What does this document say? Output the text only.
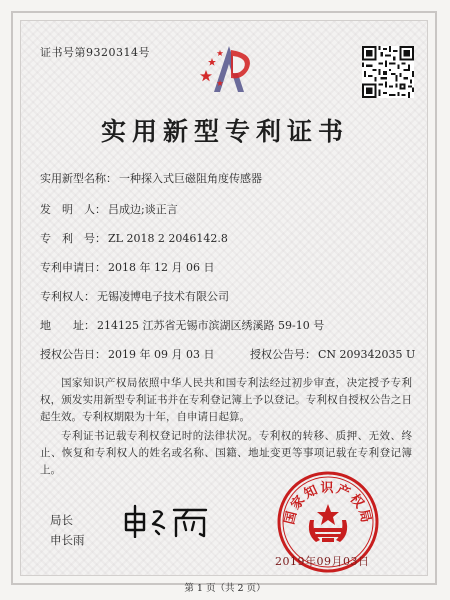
证书号第9320314号
实用新型专利证书
实用新型名称： 一种探入式巨磁阻角度传感器
发　明　人： 吕成边;谈正言
专　利　号： ZL 2018 2 2046142.8
专利申请日： 2018 年 12 月 06 日
专利权人： 无锡凌博电子技术有限公司
地　　址： 214125 江苏省无锡市滨湖区绣溪路 59-10 号
授权公告日： 2019 年 09 月 03 日	授权公告号： CN 209342035 U
国家知识产权局依照中华人民共和国专利法经过初步审查，决定授予专利权，颁发实用新型专利证书并在专利登记簿上予以登记。专利权自授权公告之日起生效。专利权期限为十年，自申请日起算。
专利证书记载专利权登记时的法律状况。专利权的转移、质押、无效、终止、恢复和专利权人的姓名或名称、国籍、地址变更等事项记载在专利登记簿上。
局长
申长雨
国家知识产权局
2019年09月03日
第 1 页（共 2 页）
